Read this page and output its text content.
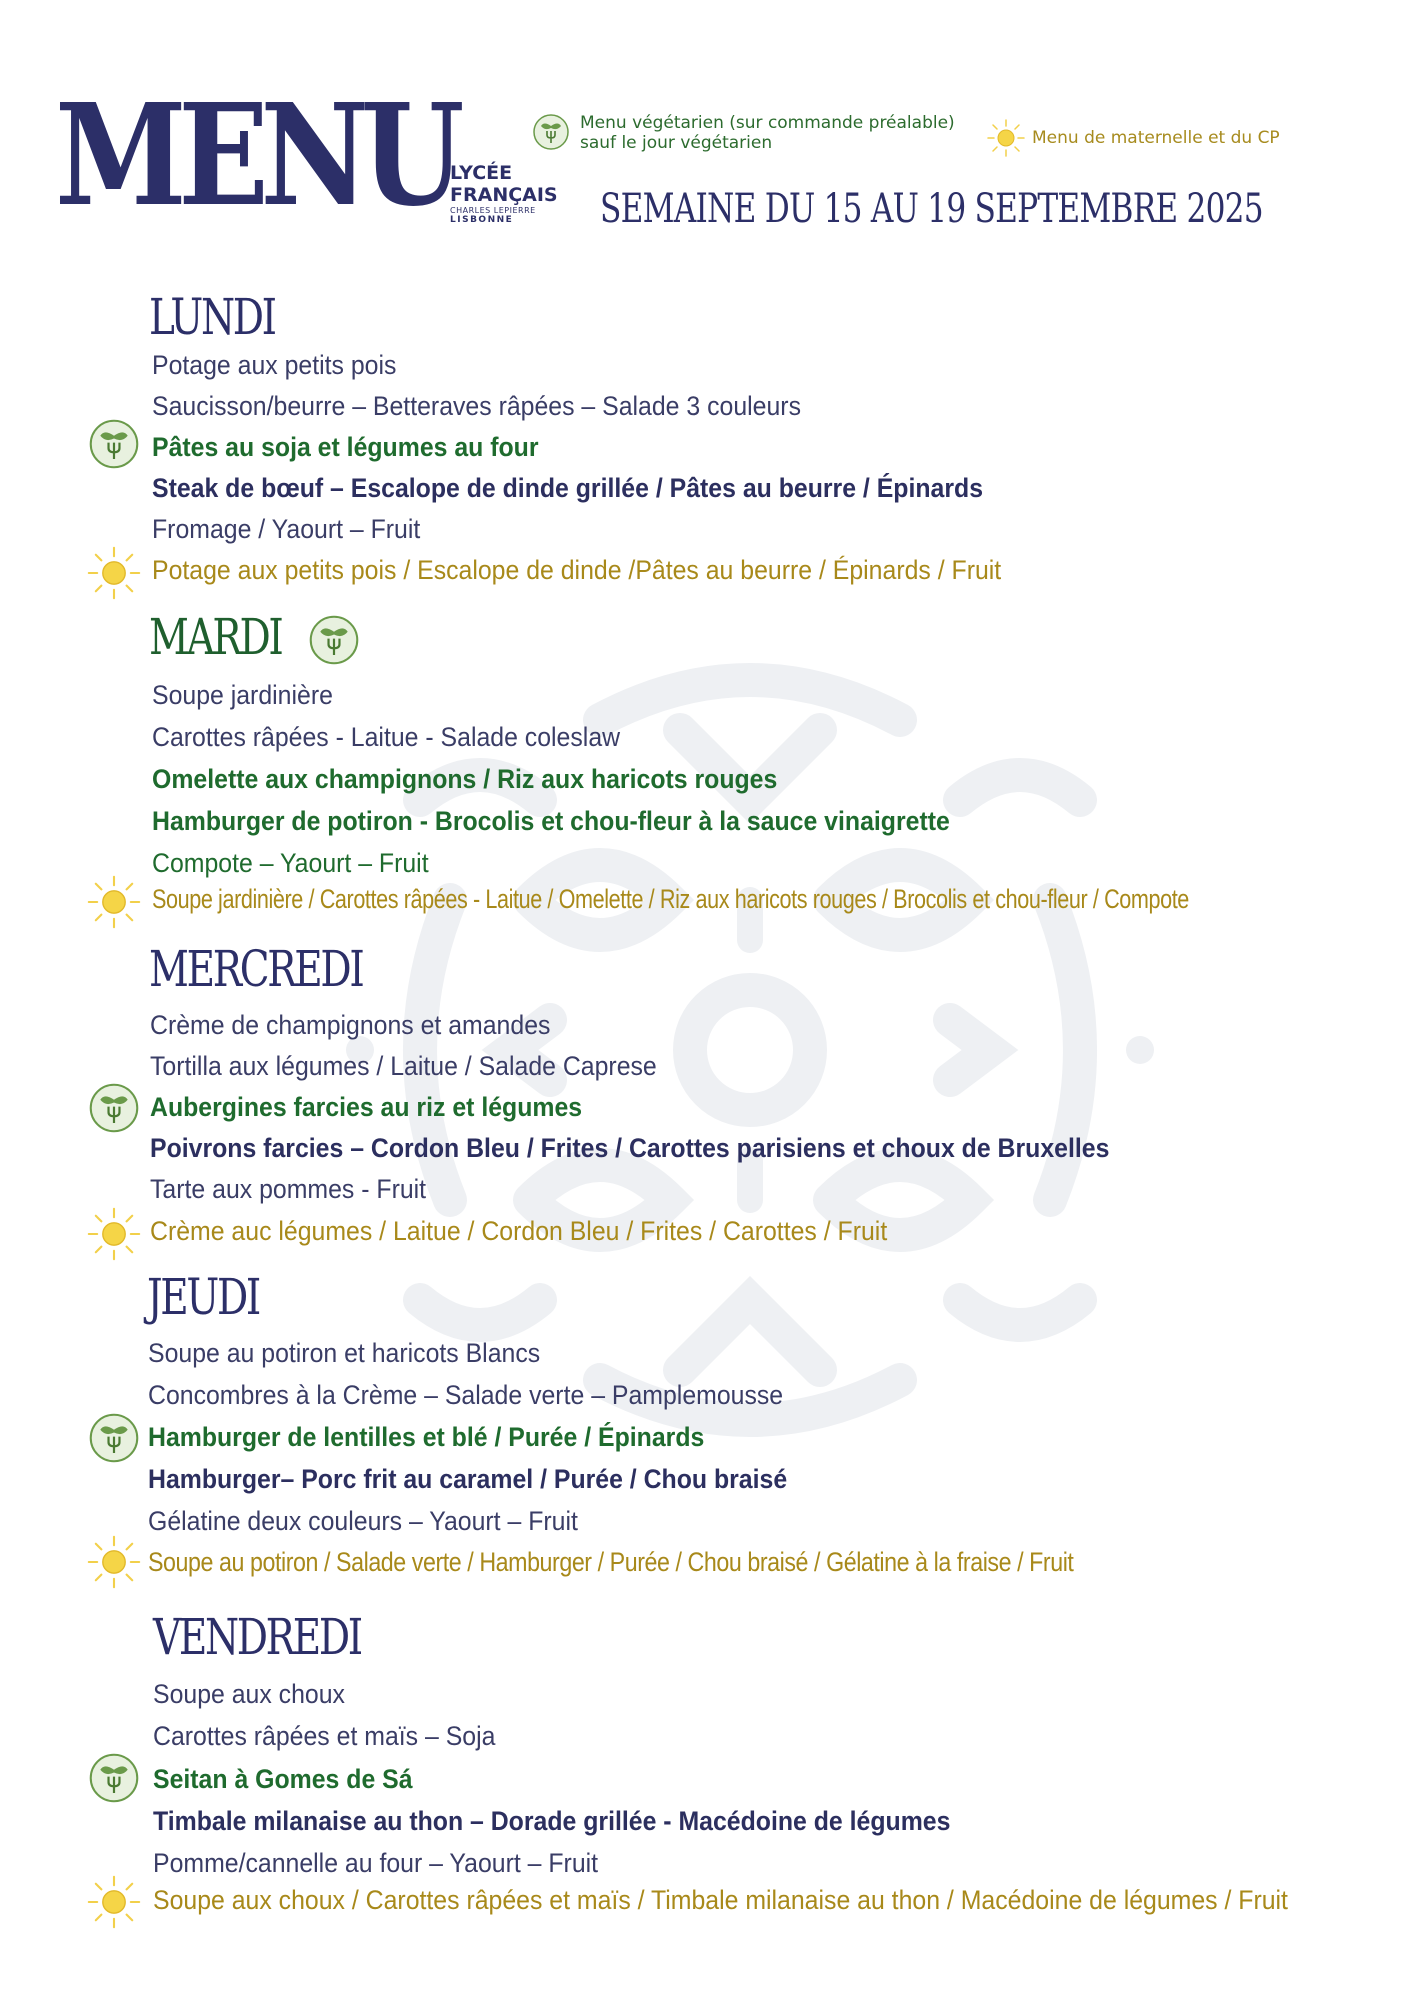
MENU
LYCÉE
FRANÇAIS
CHARLES LEPIERRE
LISBONNE
Menu végétarien (sur commande préalable)
sauf le jour végétarien	Menu de maternelle et du CP
SEMAINE DU 15 AU 19 SEPTEMBRE 2025
LUNDI
Potage aux petits pois
Saucisson/beurre – Betteraves râpées – Salade 3 couleurs
Pâtes au soja et légumes au four
Steak de bœuf – Escalope de dinde grillée / Pâtes au beurre / Épinards
Fromage / Yaourt – Fruit
Potage aux petits pois / Escalope de dinde /Pâtes au beurre / Épinards / Fruit
MARDI
Soupe jardinière
Carottes râpées - Laitue - Salade coleslaw
Omelette aux champignons / Riz aux haricots rouges
Hamburger de potiron - Brocolis et chou-fleur à la sauce vinaigrette
Compote – Yaourt – Fruit
Soupe jardinière / Carottes râpées - Laitue / Omelette / Riz aux haricots rouges / Brocolis et chou-fleur / Compote
MERCREDI
Crème de champignons et amandes
Tortilla aux légumes / Laitue / Salade Caprese
Aubergines farcies au riz et légumes
Poivrons farcies – Cordon Bleu / Frites / Carottes parisiens et choux de Bruxelles
Tarte aux pommes - Fruit
Crème auc légumes / Laitue / Cordon Bleu / Frites / Carottes / Fruit
JEUDI
Soupe au potiron et haricots Blancs
Concombres à la Crème – Salade verte – Pamplemousse
Hamburger de lentilles et blé / Purée / Épinards
Hamburger– Porc frit au caramel / Purée / Chou braisé
Gélatine deux couleurs – Yaourt – Fruit
Soupe au potiron / Salade verte / Hamburger / Purée / Chou braisé / Gélatine à la fraise / Fruit
VENDREDI
Soupe aux choux
Carottes râpées et maïs – Soja
Seitan à Gomes de Sá
Timbale milanaise au thon – Dorade grillée - Macédoine de légumes
Pomme/cannelle au four – Yaourt – Fruit
Soupe aux choux / Carottes râpées et maïs / Timbale milanaise au thon / Macédoine de légumes / Fruit
